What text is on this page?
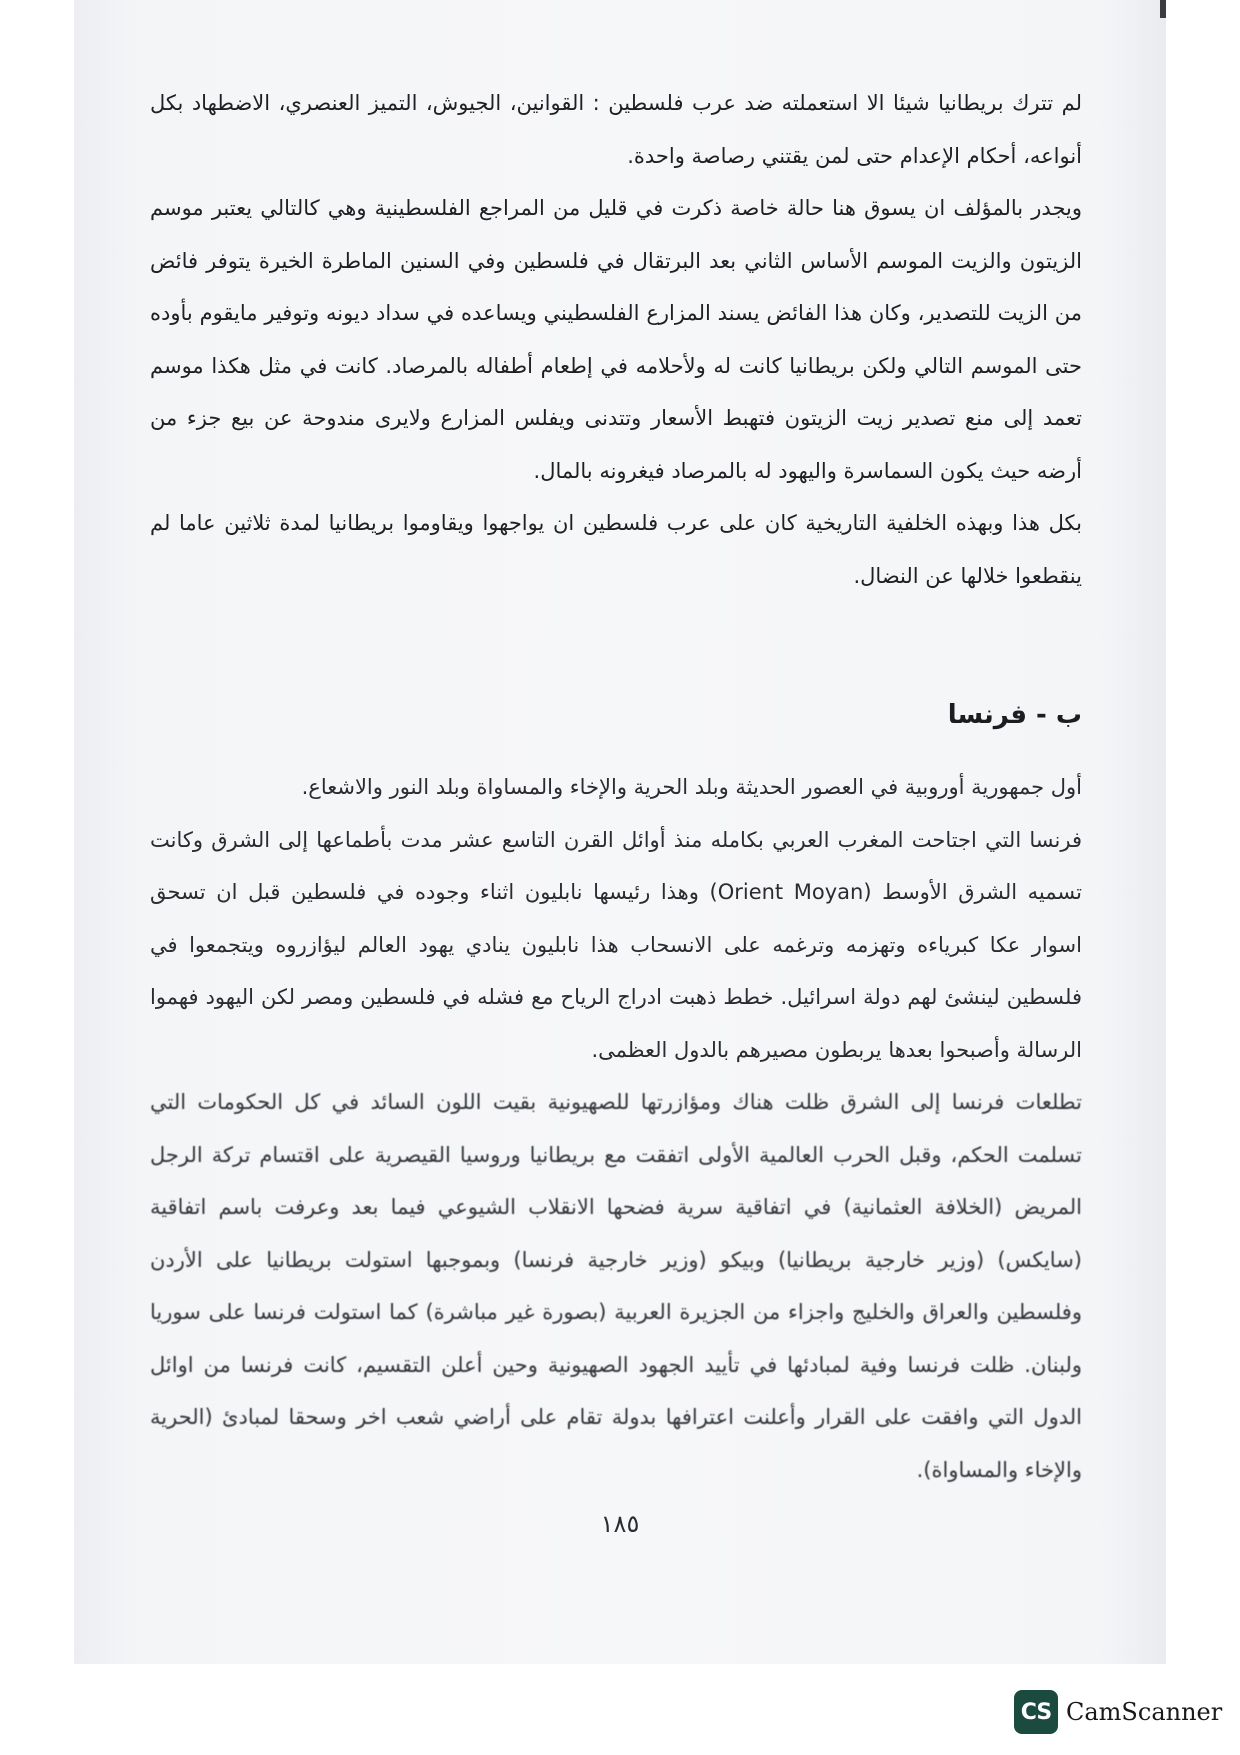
لم تترك بريطانيا شيئا الا استعملته ضد عرب فلسطين : القوانين، الجيوش، التميز العنصري، الاضطهاد بكل أنواعه، أحكام الإعدام حتى لمن يقتني رصاصة واحدة.

ويجدر بالمؤلف ان يسوق هنا حالة خاصة ذكرت في قليل من المراجع الفلسطينية وهي كالتالي يعتبر موسم الزيتون والزيت الموسم الأساس الثاني بعد البرتقال في فلسطين وفي السنين الماطرة الخيرة يتوفر فائض من الزيت للتصدير، وكان هذا الفائض يسند المزارع الفلسطيني ويساعده في سداد ديونه وتوفير مايقوم بأوده حتى الموسم التالي ولكن بريطانيا كانت له ولأحلامه في إطعام أطفاله بالمرصاد. كانت في مثل هكذا موسم تعمد إلى منع تصدير زيت الزيتون فتهبط الأسعار وتتدنى ويفلس المزارع ولايرى مندوحة عن بيع جزء من أرضه حيث يكون السماسرة واليهود له بالمرصاد فيغرونه بالمال.

بكل هذا وبهذه الخلفية التاريخية كان على عرب فلسطين ان يواجهوا ويقاوموا بريطانيا لمدة ثلاثين عاما لم ينقطعوا خلالها عن النضال.

ب - فرنسا

أول جمهورية أوروبية في العصور الحديثة وبلد الحرية والإخاء والمساواة وبلد النور والاشعاع.

فرنسا التي اجتاحت المغرب العربي بكامله منذ أوائل القرن التاسع عشر مدت بأطماعها إلى الشرق وكانت تسميه الشرق الأوسط (Orient Moyan) وهذا رئيسها نابليون اثناء وجوده في فلسطين قبل ان تسحق اسوار عكا كبرياءه وتهزمه وترغمه على الانسحاب هذا نابليون ينادي يهود العالم ليؤازروه ويتجمعوا في فلسطين لينشئ لهم دولة اسرائيل. خطط ذهبت ادراج الرياح مع فشله في فلسطين ومصر لكن اليهود فهموا الرسالة وأصبحوا بعدها يربطون مصيرهم بالدول العظمى.

تطلعات فرنسا إلى الشرق ظلت هناك ومؤازرتها للصهيونية بقيت اللون السائد في كل الحكومات التي تسلمت الحكم، وقبل الحرب العالمية الأولى اتفقت مع بريطانيا وروسيا القيصرية على اقتسام تركة الرجل المريض (الخلافة العثمانية) في اتفاقية سرية فضحها الانقلاب الشيوعي فيما بعد وعرفت باسم اتفاقية (سايكس) (وزير خارجية بريطانيا) وبيكو (وزير خارجية فرنسا) وبموجبها استولت بريطانيا على الأردن وفلسطين والعراق والخليج واجزاء من الجزيرة العربية (بصورة غير مباشرة) كما استولت فرنسا على سوريا ولبنان. ظلت فرنسا وفية لمبادئها في تأييد الجهود الصهيونية وحين أعلن التقسيم، كانت فرنسا من اوائل الدول التي وافقت على القرار وأعلنت اعترافها بدولة تقام على أراضي شعب اخر وسحقا لمبادئ (الحرية والإخاء والمساواة).

١٨٥
CS CamScanner
